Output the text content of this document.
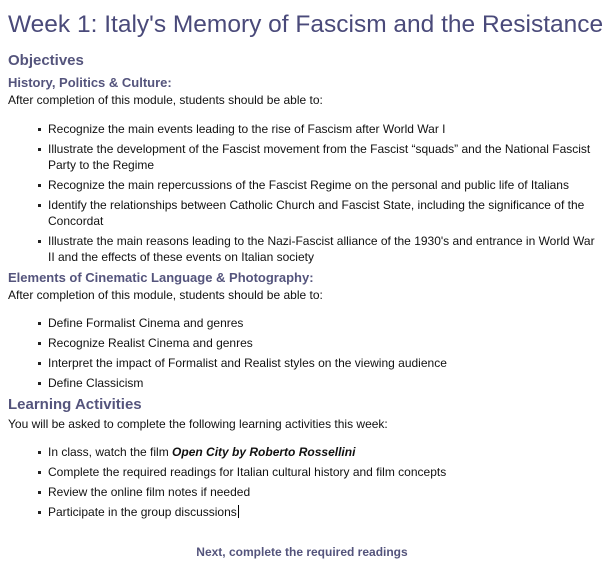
Week 1: Italy's Memory of Fascism and the Resistance
Objectives
History, Politics & Culture:

After completion of this module, students should be able to:

Recognize the main events leading to the rise of Fascism after World War I
Illustrate the development of the Fascist movement from the Fascist “squads” and the National Fascist Party to the Regime
Recognize the main repercussions of the Fascist Regime on the personal and public life of Italians
Identify the relationships between Catholic Church and Fascist State, including the significance of the Concordat
Illustrate the main reasons leading to the Nazi-Fascist alliance of the 1930's and entrance in World War II and the effects of these events on Italian society
Elements of Cinematic Language & Photography:

After completion of this module, students should be able to:

Define Formalist Cinema and genres
Recognize Realist Cinema and genres
Interpret the impact of Formalist and Realist styles on the viewing audience
Define Classicism
Learning Activities

You will be asked to complete the following learning activities this week:

In class, watch the film Open City by Roberto Rossellini
Complete the required readings for Italian cultural history and film concepts
Review the online film notes if needed
Participate in the group discussions
Next, complete the required readings
